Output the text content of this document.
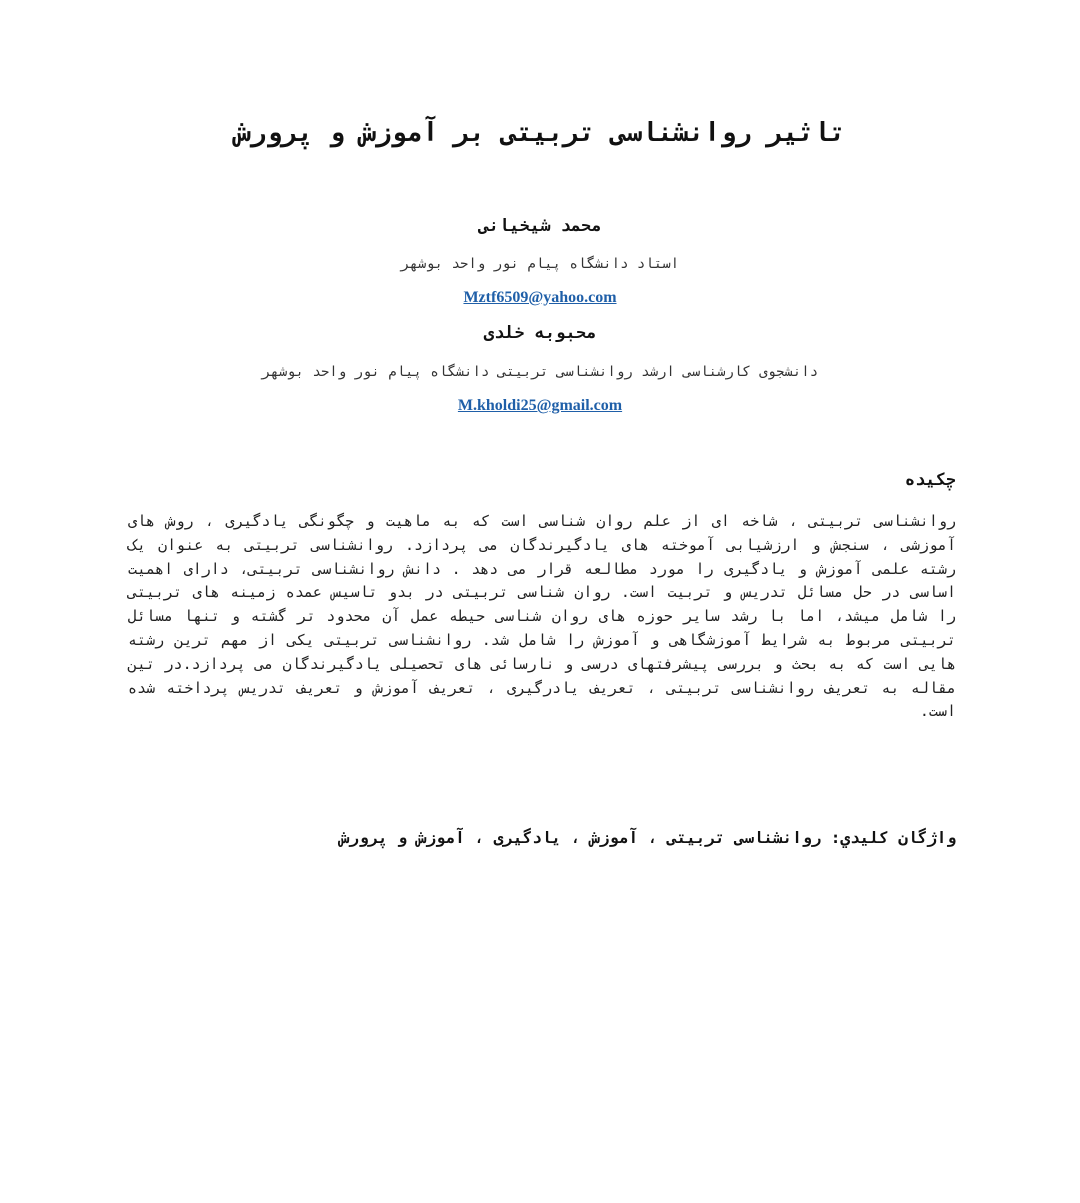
تاثیر روانشناسی تربیتی بر آموزش و پرورش
محمد شیخیانی
استاد دانشگاه پیام نور واحد بوشهر
Mztf6509@yahoo.com
محبوبه خلدی
دانشجوی کارشناسی ارشد روانشناسی تربیتی دانشگاه پیام نور واحد بوشهر
M.kholdi25@gmail.com
چکیده
روانشناسی تربیتی ، شاخه ای از علم روان شناسی است که به ماهیت و چگونگی یادگیری ، روش های آموزشی ، سنجش و ارزشیابی آموخته های یادگیرندگان می پردازد. روانشناسی تربیتی به عنوان یک رشته علمی آموزش و یادگیری را مورد مطالعه قرار می دهد . دانش روانشناسی تربیتی، دارای اهمیت اساسی در حل مسائل تدریس و تربیت است. روان شناسی تربیتی در بدو تاسیس عمده زمینه های تربیتی را شامل میشد، اما با رشد سایر حوزه های روان شناسی حیطه عمل آن محدود تر گشته و تنها مسائل تربیتی مربوط به شرایط آموزشگاهی و آموزش را شامل شد. روانشناسی تربیتی یکی از مهم ترین رشته هایی است که به بحث و بررسی پیشرفتهای درسی و نارسائی های تحصیلی یادگیرندگان می پردازد.در تین مقاله به تعریف روانشناسی تربیتی ، تعریف یادرگیری ، تعریف آموزش و تعریف تدریس پرداخته شده است.
واژگان كليدي: روانشناسی تربیتی ، آموزش ، یادگیری ، آموزش و پرورش
